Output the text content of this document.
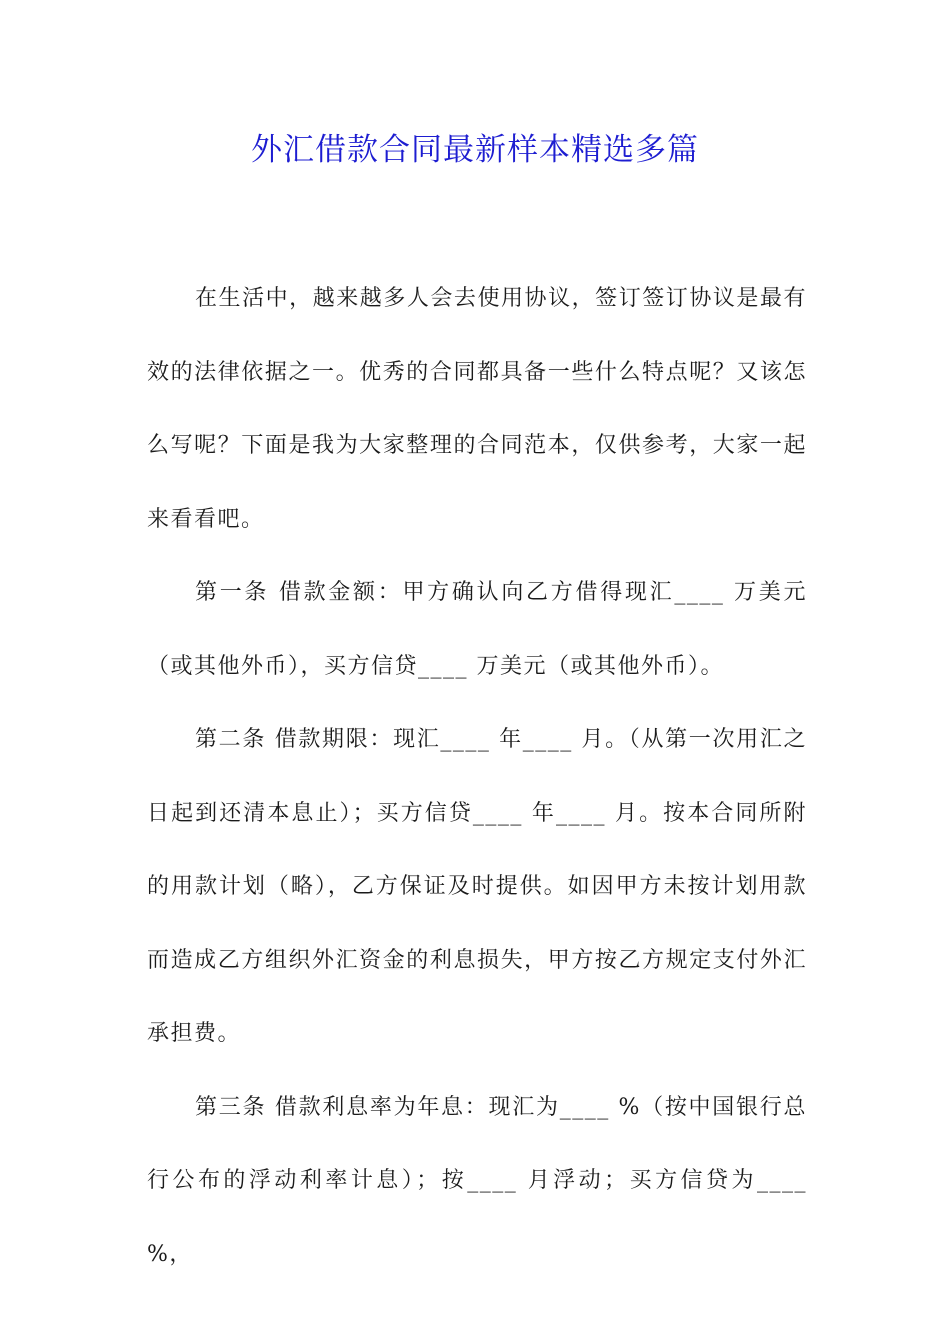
外汇借款合同最新样本精选多篇

在生活中，越来越多人会去使用协议，签订签订协议是最有效的法律依据之一。优秀的合同都具备一些什么特点呢？又该怎么写呢？下面是我为大家整理的合同范本，仅供参考，大家一起来看看吧。

第一条 借款金额：甲方确认向乙方借得现汇____ 万美元（或其他外币），买方信贷____ 万美元（或其他外币）。

第二条 借款期限：现汇____ 年____ 月。（从第一次用汇之日起到还清本息止）；买方信贷____ 年____ 月。按本合同所附的用款计划（略），乙方保证及时提供。如因甲方未按计划用款而造成乙方组织外汇资金的利息损失，甲方按乙方规定支付外汇承担费。

第三条 借款利息率为年息：现汇为____ %（按中国银行总行公布的浮动利率计息）；按____ 月浮动；买方信贷为____ %，
